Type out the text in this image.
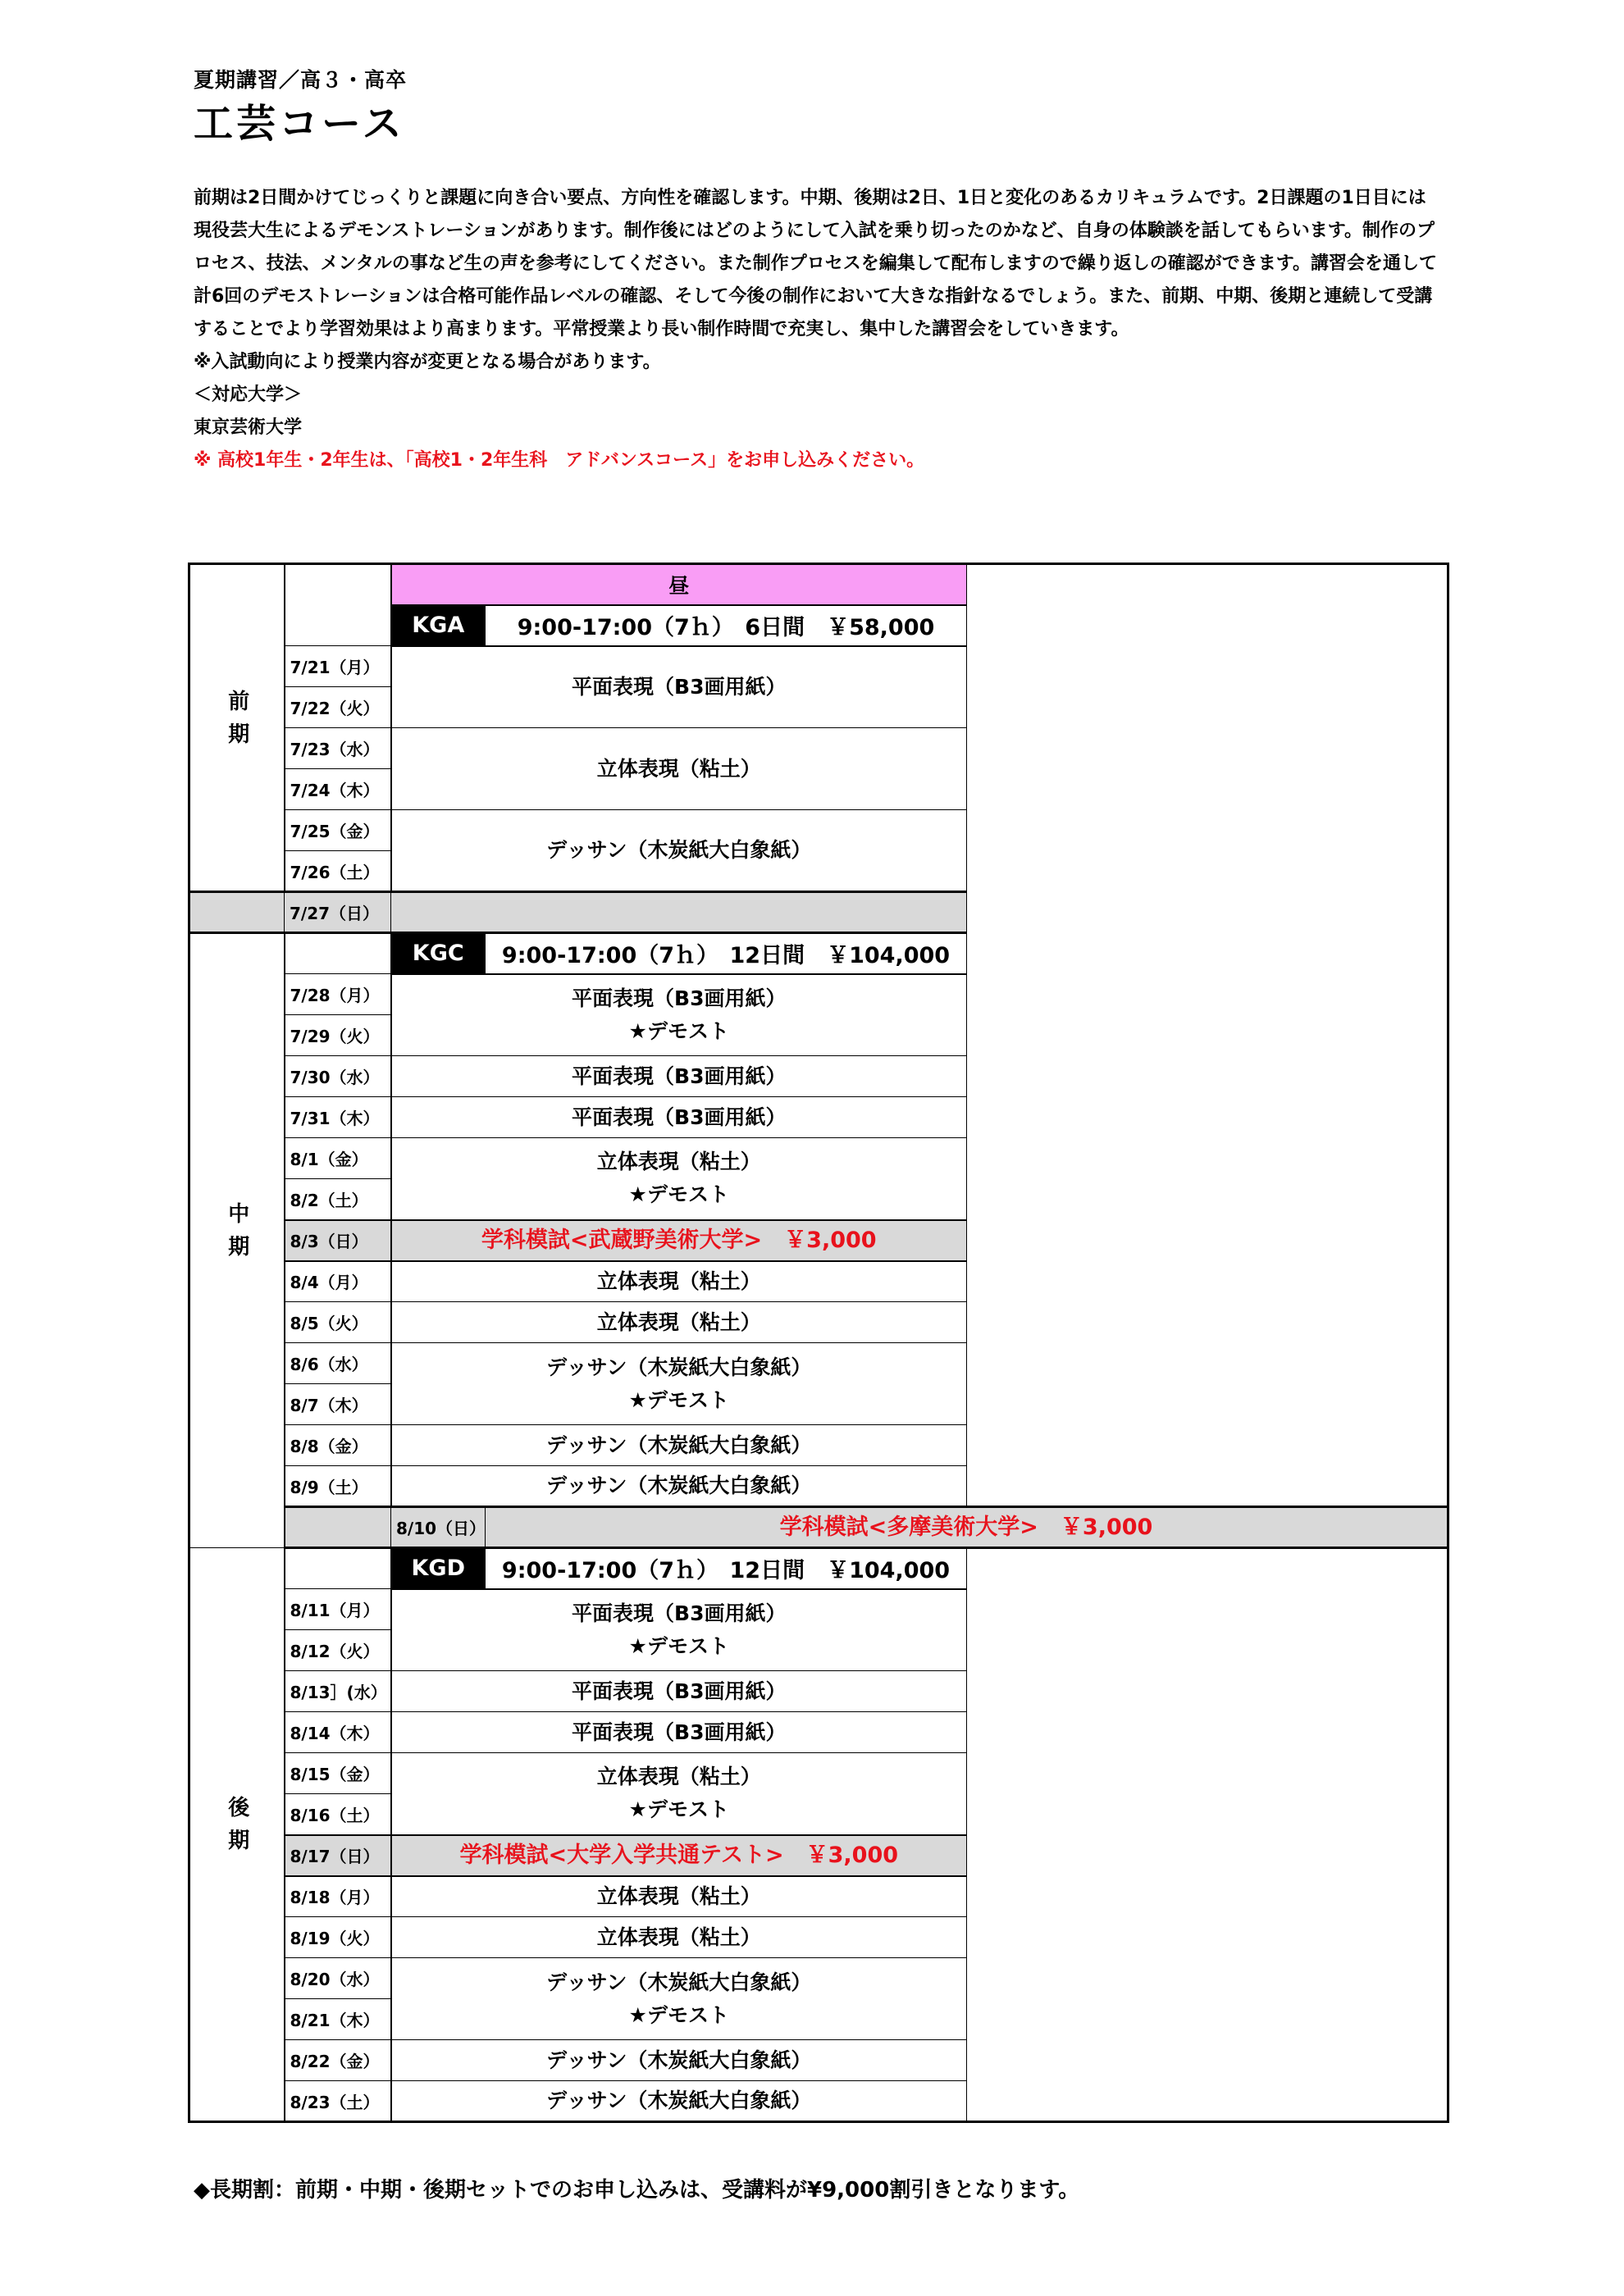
夏期講習／高３・高卒
工芸コース

前期は2日間かけてじっくりと課題に向き合い要点、方向性を確認します。中期、後期は2日、1日と変化のあるカリキュラムです。2日課題の1日目には現役芸大生によるデモンストレーションがあります。制作後にはどのようにして入試を乗り切ったのかなど、自身の体験談を話してもらいます。制作のプロセス、技法、メンタルの事など生の声を参考にしてください。また制作プロセスを編集して配布しますので繰り返しの確認ができます。講習会を通して計6回のデモストレーションは合格可能作品レベルの確認、そして今後の制作において大きな指針なるでしょう。また、前期、中期、後期と連続して受講することでより学習効果はより高まります。平常授業より長い制作時間で充実し、集中した講習会をしていきます。

※入試動向により授業内容が変更となる場合があります。

＜対応大学＞

東京芸術大学

※ 高校1年生・2年生は、「高校1・2年生科　アドバンスコース」をお申し込みください。

前期		昼	
		KGA	9:00-17:00（7ｈ）　6日間　￥58,000
	7/21（月）	平面表現（B3画用紙）	
	7/22（火）		
	7/23（水）	立体表現（粘土）	
	7/24（木）		
	7/25（金）	デッサン（木炭紙大白象紙）	
	7/26（土）		
	7/27（日）		
中期		KGC	9:00-17:00（7ｈ）　12日間　￥104,000
	7/28（月）	平面表現（B3画用紙）
★デモスト	

	7/29（火）		
	7/30（水）	平面表現（B3画用紙）	
	7/31（木）	平面表現（B3画用紙）	
	8/1（金）	立体表現（粘土）
★デモスト	

	8/2（土）		
	8/3（日）	学科模試<武蔵野美術大学>　￥3,000	
	8/4（月）	立体表現（粘土）	
	8/5（火）	立体表現（粘土）	
	8/6（水）	デッサン（木炭紙大白象紙）
★デモスト	

	8/7（木）		
	8/8（金）	デッサン（木炭紙大白象紙）	
	8/9（土）	デッサン（木炭紙大白象紙）	
		8/10（日）	学科模試<多摩美術大学>　￥3,000
後期		KGD	9:00-17:00（7ｈ）　12日間　￥104,000
	8/11（月）	平面表現（B3画用紙）
★デモスト	

	8/12（火）		
	8/13］(水）	平面表現（B3画用紙）	
	8/14（木）	平面表現（B3画用紙）	
	8/15（金）	立体表現（粘土）
★デモスト	

	8/16（土）		
	8/17（日）	学科模試<大学入学共通テスト>　￥3,000	
	8/18（月）	立体表現（粘土）	
	8/19（火）	立体表現（粘土）	
	8/20（水）	デッサン（木炭紙大白象紙）
★デモスト	

	8/21（木）		
	8/22（金）	デッサン（木炭紙大白象紙）	
	8/23（土）	デッサン（木炭紙大白象紙）	
◆長期割：前期・中期・後期セットでのお申し込みは、受講料が¥9,000割引きとなります。
